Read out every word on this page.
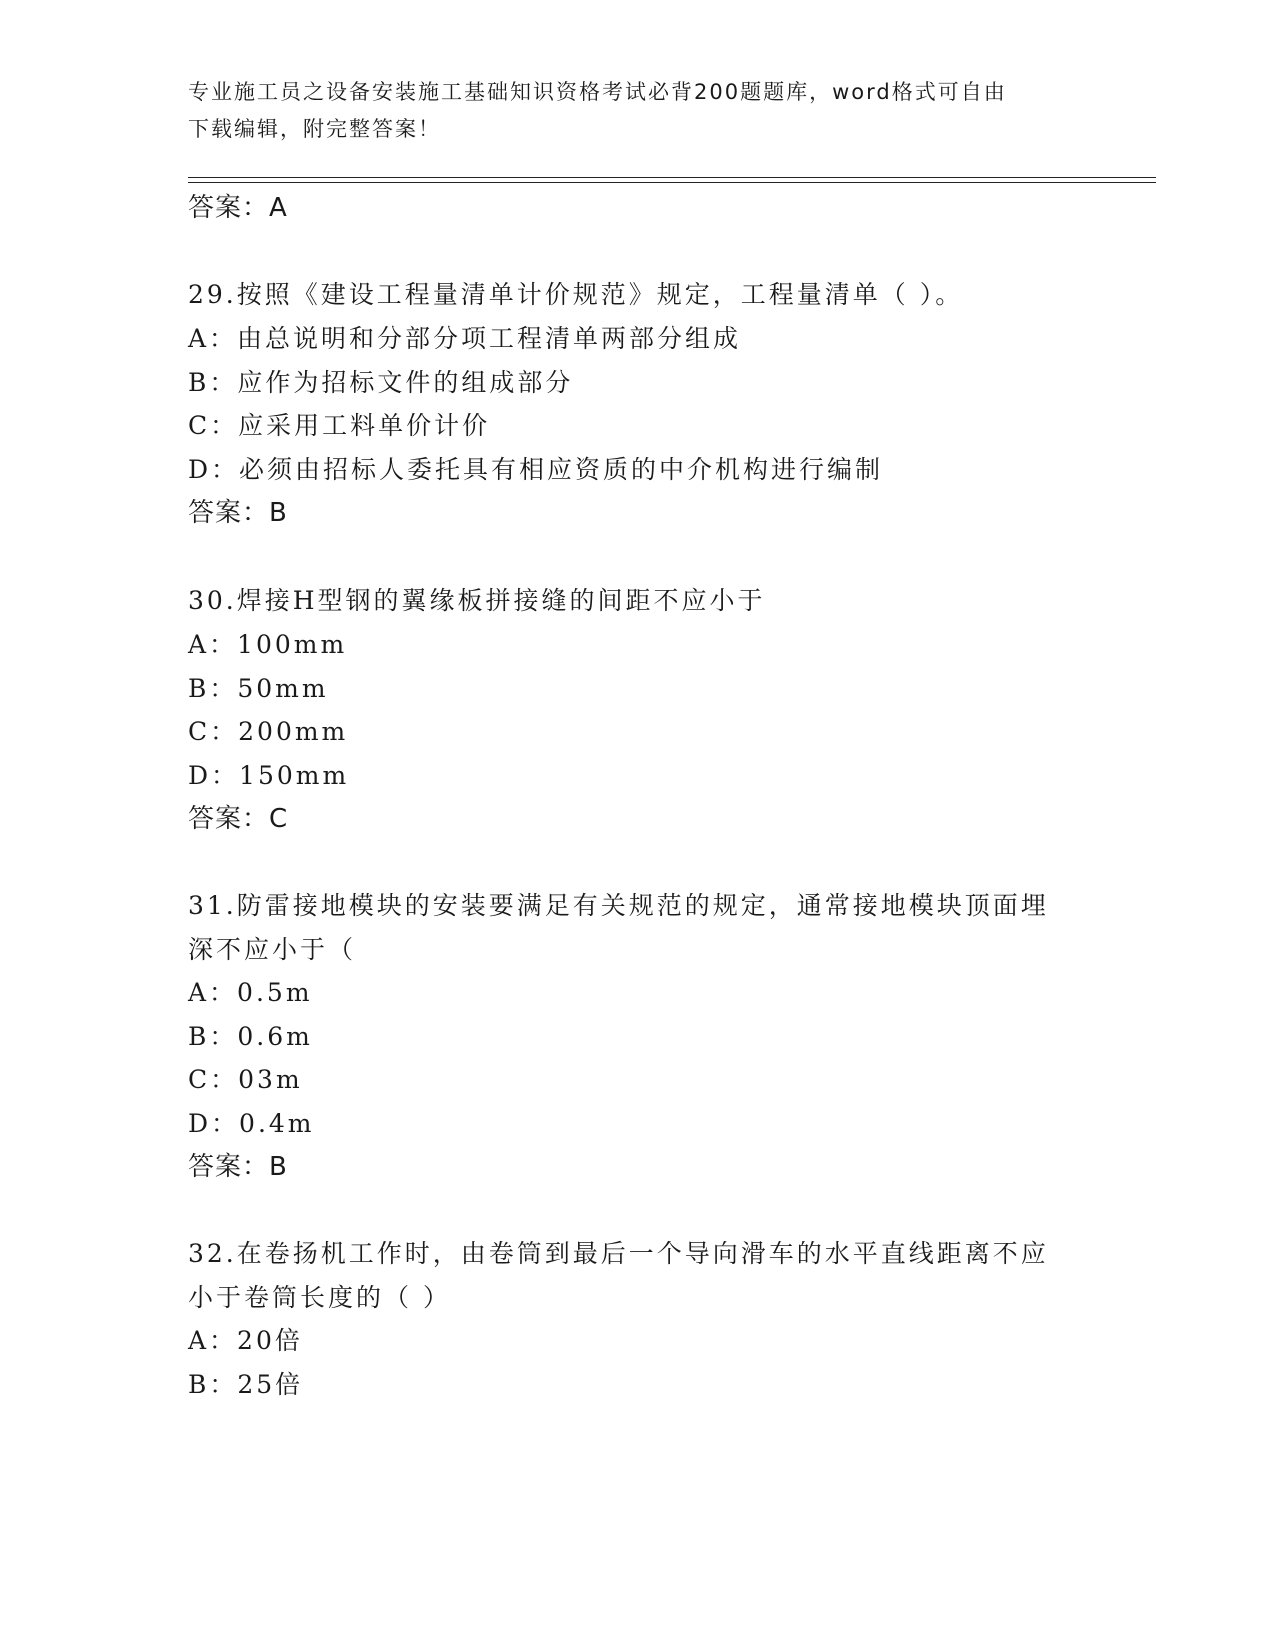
专业施工员之设备安装施工基础知识资格考试必背200题题库，word格式可自由
下载编辑，附完整答案！
答案：A
29.按照《建设工程量清单计价规范》规定，工程量清单（ ）。
A：由总说明和分部分项工程清单两部分组成
B：应作为招标文件的组成部分
C：应采用工料单价计价
D：必须由招标人委托具有相应资质的中介机构进行编制
答案：B
30.焊接H型钢的翼缘板拼接缝的间距不应小于
A：100mm
B：50mm
C：200mm
D：150mm
答案：C
31.防雷接地模块的安装要满足有关规范的规定，通常接地模块顶面埋
深不应小于（
A：0.5m
B：0.6m
C：03m
D：0.4m
答案：B
32.在卷扬机工作时，由卷筒到最后一个导向滑车的水平直线距离不应
小于卷筒长度的（ ）
A：20倍
B：25倍
